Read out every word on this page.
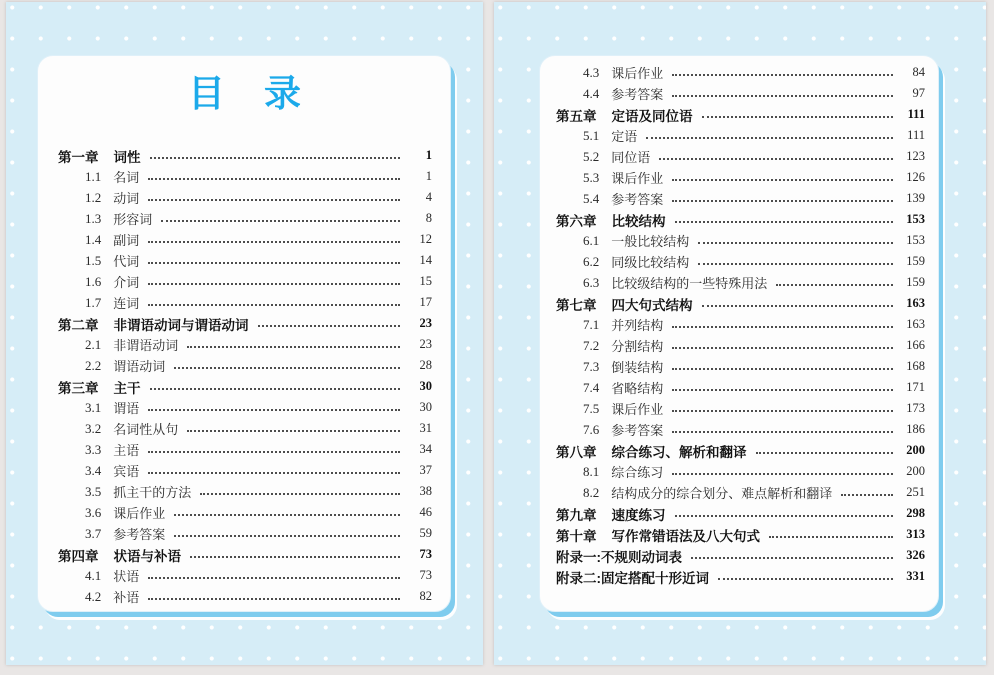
目 录
第一章 词性	1
1.1 名词	1
1.2 动词	4
1.3 形容词	8
1.4 副词	12
1.5 代词	14
1.6 介词	15
1.7 连词	17
第二章 非谓语动词与谓语动词	23
2.1 非谓语动词	23
2.2 谓语动词	28
第三章 主干	30
3.1 谓语	30
3.2 名词性从句	31
3.3 主语	34
3.4 宾语	37
3.5 抓主干的方法	38
3.6 课后作业	46
3.7 参考答案	59
第四章 状语与补语	73
4.1 状语	73
4.2 补语	82
4.3 课后作业	84
4.4 参考答案	97
第五章 定语及同位语	111
5.1 定语	111
5.2 同位语	123
5.3 课后作业	126
5.4 参考答案	139
第六章 比较结构	153
6.1 一般比较结构	153
6.2 同级比较结构	159
6.3 比较级结构的一些特殊用法	159
第七章 四大句式结构	163
7.1 并列结构	163
7.2 分割结构	166
7.3 倒装结构	168
7.4 省略结构	171
7.5 课后作业	173
7.6 参考答案	186
第八章 综合练习、解析和翻译	200
8.1 综合练习	200
8.2 结构成分的综合划分、难点解析和翻译	251
第九章 速度练习	298
第十章 写作常错语法及八大句式	313
附录一:不规则动词表	326
附录二:固定搭配十形近词	331
